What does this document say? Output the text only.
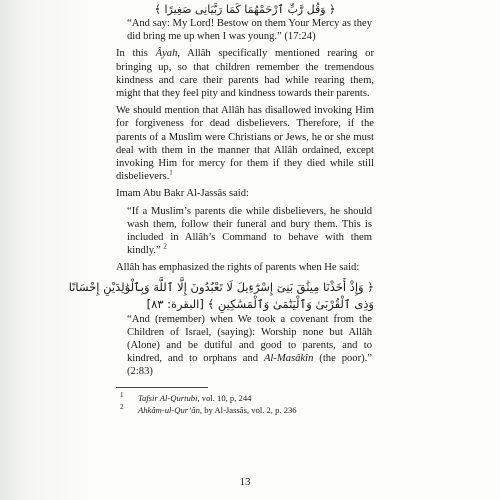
﴿ وَقُل رَّبِّ ٱرْحَمْهُمَا كَمَا رَبَّيَانِى صَغِيرًا ﴾

“And say: My Lord! Bestow on them Your Mercy as they did bring me up when I was young.” (17:24)

In this Âyah, Allâh specifically mentioned rearing or bringing up, so that children remember the tremendous kindness and care their parents had while rearing them, might that they feel pity and kindness towards their parents.

We should mention that Allâh has disallowed invoking Him for forgiveness for dead disbelievers. Therefore, if the parents of a Muslim were Christians or Jews, he or she must deal with them in the manner that Allâh ordained, except invoking Him for mercy for them if they died while still disbelievers.$^1$

Imam Abu Bakr Al-Jassâs said:

“If a Muslim’s parents die while disbelievers, he should wash them, follow their funeral and bury them. This is included in Allâh’s Command to behave with them kindly.” $^2$

Allâh has emphasized the rights of parents when He said:

﴿ وَإِذْ أَخَذْنَا مِيثَٰقَ بَنِىٓ إِسْرَٰٓءِيلَ لَا تَعْبُدُونَ إِلَّا ٱللَّهَ وَبِٱلْوَٰلِدَيْنِ إِحْسَانًا
وَذِى ٱلْقُرْبَىٰ وَٱلْيَتَٰمَىٰ وَٱلْمَسَٰكِينِ ﴾ [البقرة: ٨٣]

“And (remember) when We took a covenant from the Children of Israel, (saying): Worship none but Allâh (Alone) and be dutiful and good to parents, and to kindred, and to orphans and Al-Masâkîn (the poor).” (2:83)

1 Tafsir Al-Qurtubi, vol. 10, p, 244
2 Ahkâm-ul-Qur’ân, by Al-Jassâs, vol. 2, p. 236
13
